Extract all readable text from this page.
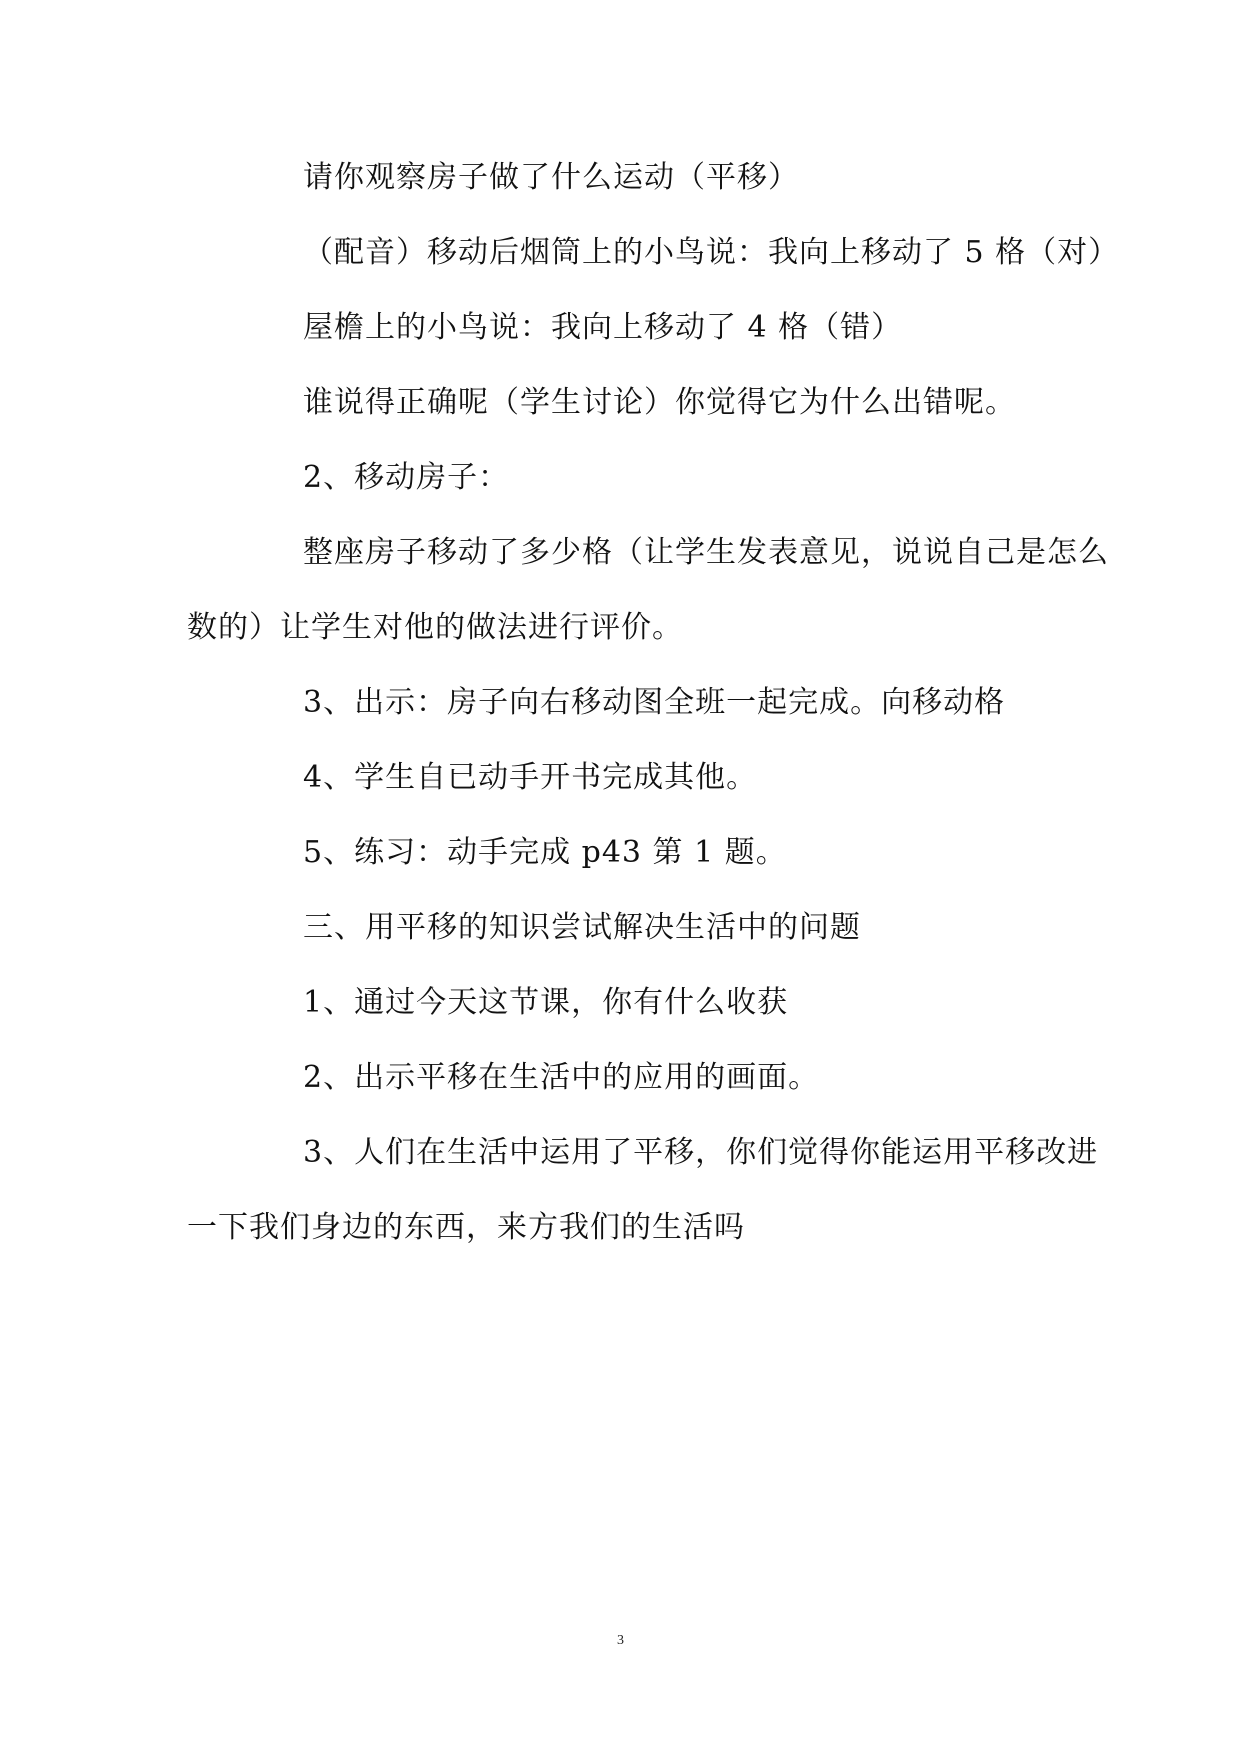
请你观察房子做了什么运动（平移）

（配音）移动后烟筒上的小鸟说：我向上移动了 5 格（对）

屋檐上的小鸟说：我向上移动了 4 格（错）

谁说得正确呢（学生讨论）你觉得它为什么出错呢。

2、移动房子：

整座房子移动了多少格（让学生发表意见，说说自己是怎么

数的）让学生对他的做法进行评价。

3、出示：房子向右移动图全班一起完成。向移动格

4、学生自已动手开书完成其他。

5、练习：动手完成 p43 第 1 题。

三、用平移的知识尝试解决生活中的问题

1、通过今天这节课，你有什么收获

2、出示平移在生活中的应用的画面。

3、人们在生活中运用了平移，你们觉得你能运用平移改进

一下我们身边的东西，来方我们的生活吗

3
